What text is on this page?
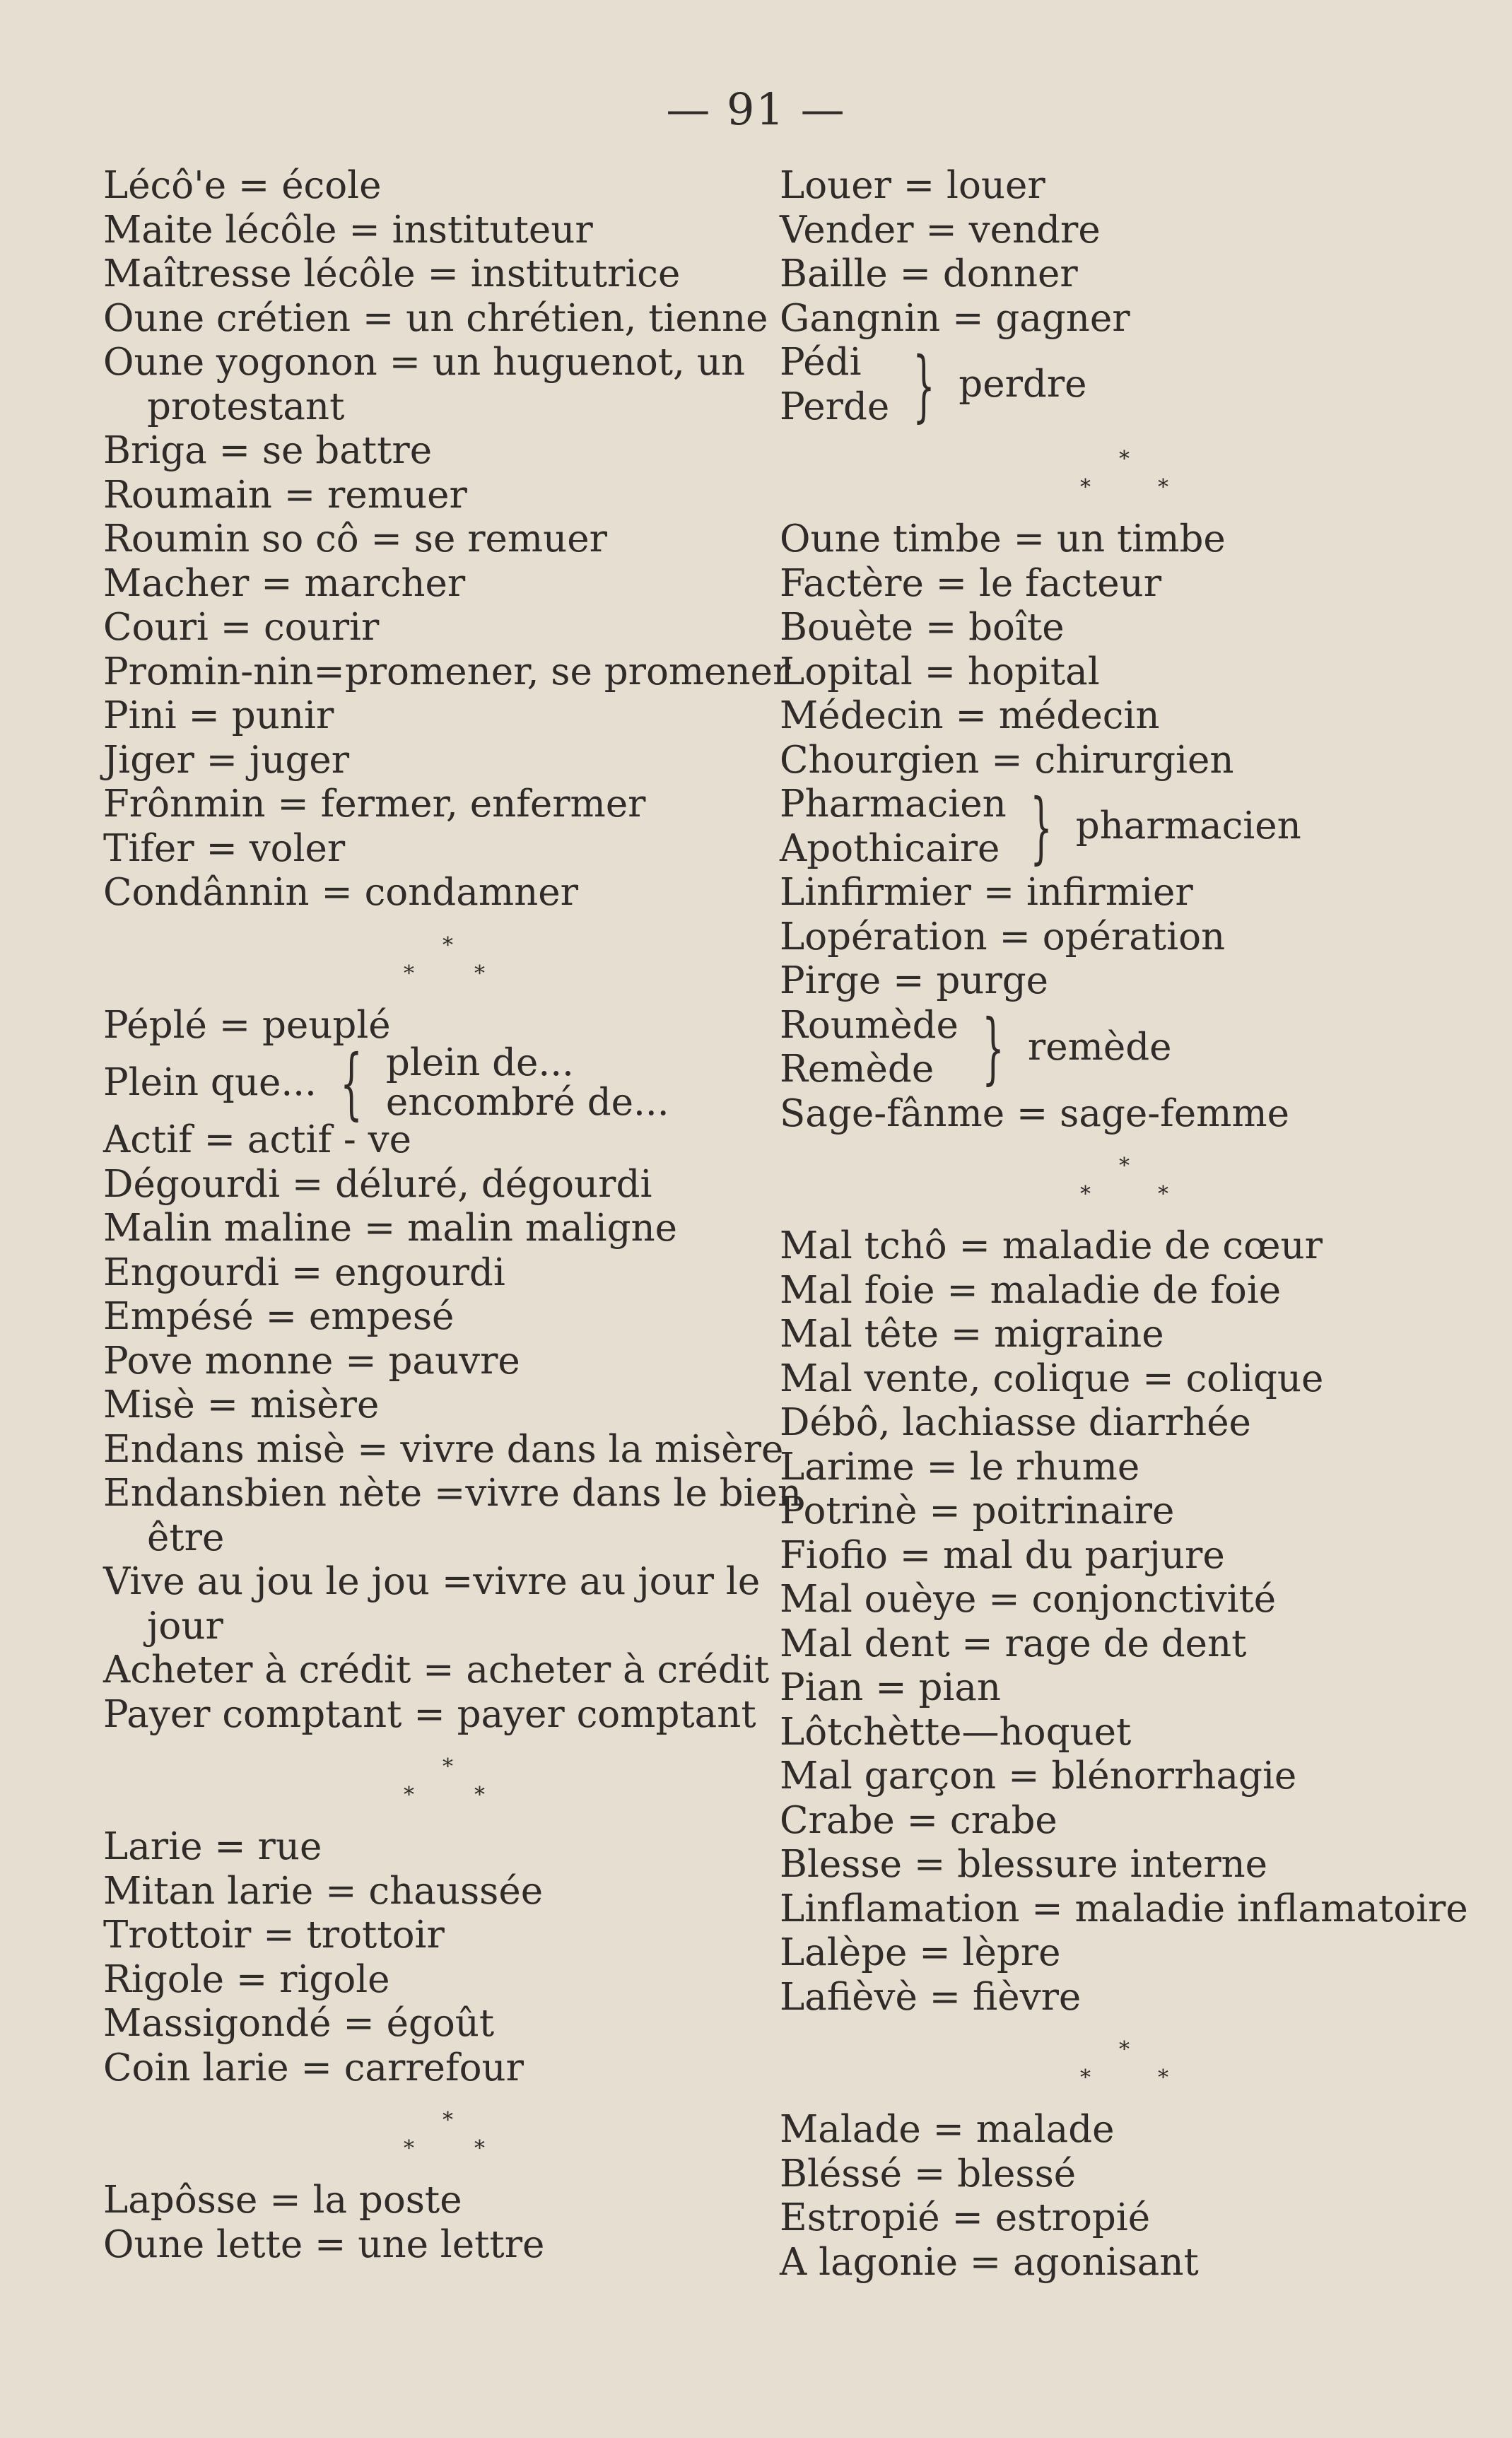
— 91 —
Lécô'e = école
Maite lécôle = instituteur
Maîtresse lécôle = institutrice
Oune crétien = un chrétien, tienne
Oune yogonon = un huguenot, un
protestant
Briga = se battre
Roumain = remuer
Roumin so cô = se remuer
Macher = marcher
Couri = courir
Promin-nin=promener, se promener
Pini = punir
Jiger = juger
Frônmin = fermer, enfermer
Tifer = voler
Condânnin = condamner
*
*	*
Péplé = peuplé
Plein que... { plein de...
encombré de...
Actif = actif - ve
Dégourdi = déluré, dégourdi
Malin maline = malin maligne
Engourdi = engourdi
Empésé = empesé
Pove monne = pauvre
Misè = misère
Endans misè = vivre dans la misère
Endansbien nète =vivre dans le bien
être
Vive au jou le jou =vivre au jour le
jour
Acheter à crédit = acheter à crédit
Payer comptant = payer comptant
*
*	*
Larie = rue
Mitan larie = chaussée
Trottoir = trottoir
Rigole = rigole
Massigondé = égoût
Coin larie = carrefour
*
*	*
Lapôsse = la poste
Oune lette = une lettre
Louer = louer
Vender = vendre
Baille = donner
Gangnin = gagner
Pédi
Perde } perdre
*
*	*
Oune timbe = un timbe
Factère = le facteur
Bouète = boîte
Lopital = hopital
Médecin = médecin
Chourgien = chirurgien
Pharmacien
Apothicaire } pharmacien
Linfirmier = infirmier
Lopération = opération
Pirge = purge
Roumède
Remède } remède
Sage-fânme = sage-femme
*
*	*
Mal tchô = maladie de cœur
Mal foie = maladie de foie
Mal tête = migraine
Mal vente, colique = colique
Débô, lachiasse diarrhée
Larime = le rhume
Potrinè = poitrinaire
Fiofio = mal du parjure
Mal ouèye = conjonctivité
Mal dent = rage de dent
Pian = pian
Lôtchètte—hoquet
Mal garçon = blénorrhagie
Crabe = crabe
Blesse = blessure interne
Linflamation = maladie inflamatoire
Lalèpe = lèpre
Lafièvè = fièvre
*
*	*
Malade = malade
Bléssé = blessé
Estropié = estropié
A lagonie = agonisant
